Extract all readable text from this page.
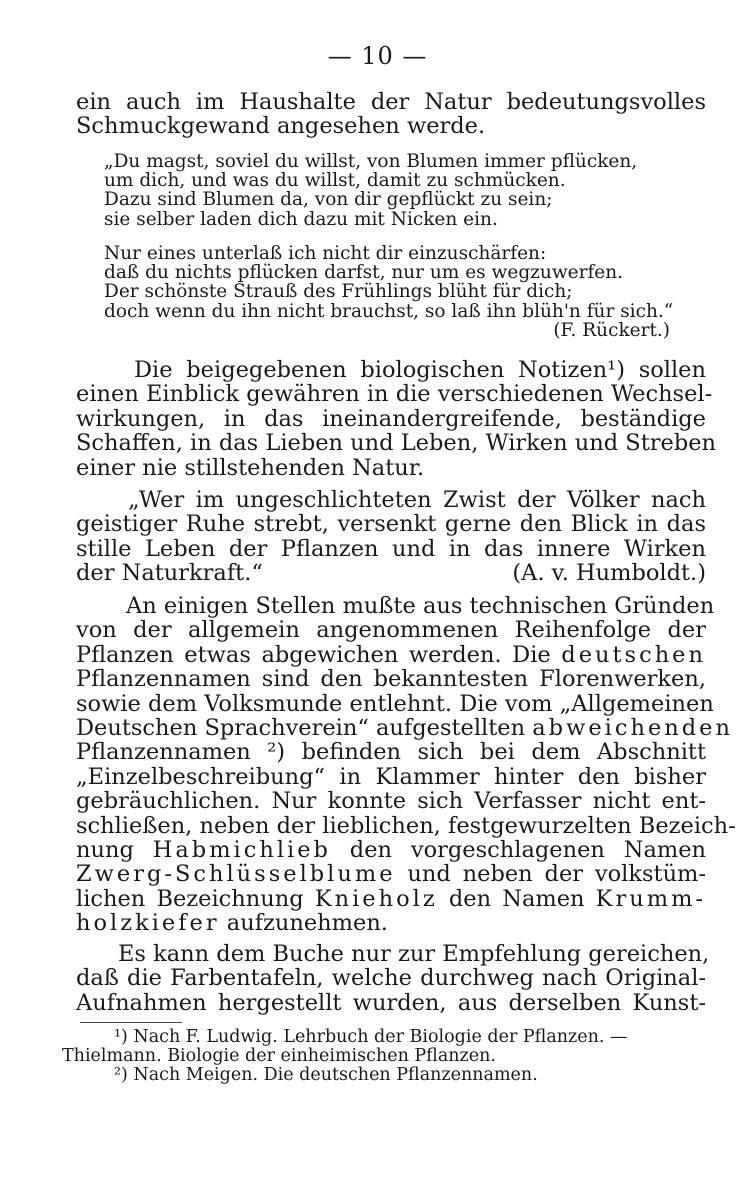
— 10 —
ein auch im Haushalte der Natur bedeutungsvolles
Schmuckgewand angesehen werde.
„Du magst, soviel du willst, von Blumen immer pflücken,
um dich, und was du willst, damit zu schmücken.
Dazu sind Blumen da, von dir gepflückt zu sein;
sie selber laden dich dazu mit Nicken ein.
Nur eines unterlaß ich nicht dir einzuschärfen:
daß du nichts pflücken darfst, nur um es wegzuwerfen.
Der schönste Strauß des Frühlings blüht für dich;
doch wenn du ihn nicht brauchst, so laß ihn blüh'n für sich.“
(F. Rückert.)
Die beigegebenen biologischen Notizen¹) sollen
einen Einblick gewähren in die verschiedenen Wechsel-
wirkungen, in das ineinandergreifende, beständige
Schaffen, in das Lieben und Leben, Wirken und Streben
einer nie stillstehenden Natur.
„Wer im ungeschlichteten Zwist der Völker nach
geistiger Ruhe strebt, versenkt gerne den Blick in das
stille Leben der Pflanzen und in das innere Wirken
der Naturkraft.“	(A. v. Humboldt.)
An einigen Stellen mußte aus technischen Gründen
von der allgemein angenommenen Reihenfolge der
Pflanzen etwas abgewichen werden. Die deutschen
Pflanzennamen sind den bekanntesten Florenwerken,
sowie dem Volksmunde entlehnt. Die vom „Allgemeinen
Deutschen Sprachverein“ aufgestellten abweichenden
Pflanzennamen ²) befinden sich bei dem Abschnitt
„Einzelbeschreibung“ in Klammer hinter den bisher
gebräuchlichen. Nur konnte sich Verfasser nicht ent-
schließen, neben der lieblichen, festgewurzelten Bezeich-
nung Habmichlieb den vorgeschlagenen Namen
Zwerg-Schlüsselblume und neben der volkstüm-
lichen Bezeichnung Knieholz den Namen Krumm-
holzkiefer aufzunehmen.
Es kann dem Buche nur zur Empfehlung gereichen,
daß die Farbentafeln, welche durchweg nach Original-
Aufnahmen hergestellt wurden, aus derselben Kunst-
¹) Nach F. Ludwig. Lehrbuch der Biologie der Pflanzen. —
Thielmann. Biologie der einheimischen Pflanzen.
²) Nach Meigen. Die deutschen Pflanzennamen.
